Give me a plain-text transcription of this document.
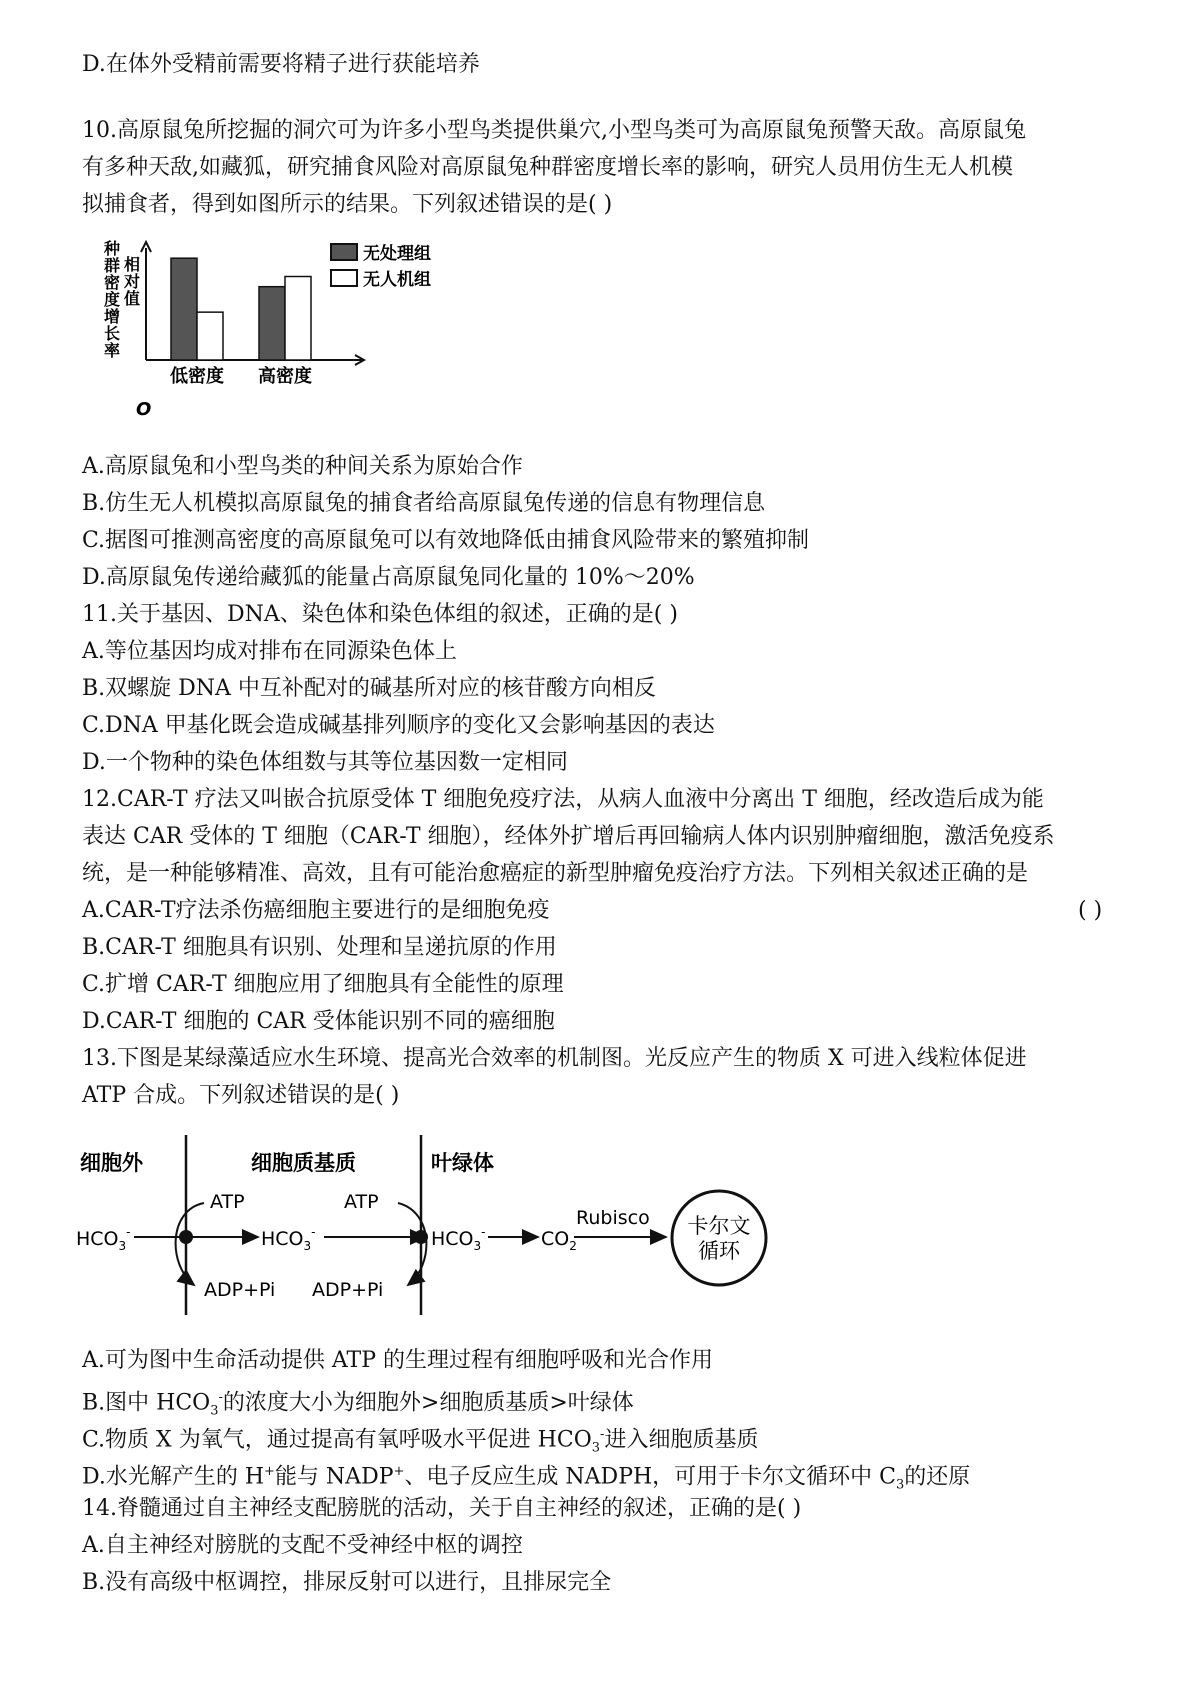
D.在体外受精前需要将精子进行获能培养
10.高原鼠兔所挖掘的洞穴可为许多小型鸟类提供巢穴,小型鸟类可为高原鼠兔预警天敌。高原鼠兔
有多种天敌,如藏狐，研究捕食风险对高原鼠兔种群密度增长率的影响，研究人员用仿生无人机模
拟捕食者，得到如图所示的结果。下列叙述错误的是( )
种
群
密
度
增
长
率
相
对
值
低密度 高密度
无处理组
无人机组
O
A.高原鼠兔和小型鸟类的种间关系为原始合作
B.仿生无人机模拟高原鼠兔的捕食者给高原鼠兔传递的信息有物理信息
C.据图可推测高密度的高原鼠兔可以有效地降低由捕食风险带来的繁殖抑制
D.高原鼠兔传递给藏狐的能量占高原鼠兔同化量的 10%～20%
11.关于基因、DNA、染色体和染色体组的叙述，正确的是( )
A.等位基因均成对排布在同源染色体上
B.双螺旋 DNA 中互补配对的碱基所对应的核苷酸方向相反
C.DNA 甲基化既会造成碱基排列顺序的变化又会影响基因的表达
D.一个物种的染色体组数与其等位基因数一定相同
12.CAR-T 疗法又叫嵌合抗原受体 T 细胞免疫疗法，从病人血液中分离出 T 细胞，经改造后成为能
表达 CAR 受体的 T 细胞（CAR-T 细胞），经体外扩增后再回输病人体内识别肿瘤细胞，激活免疫系
统，是一种能够精准、高效，且有可能治愈癌症的新型肿瘤免疫治疗方法。下列相关叙述正确的是
A.CAR-T疗法杀伤癌细胞主要进行的是细胞免疫	( )
B.CAR-T 细胞具有识别、处理和呈递抗原的作用
C.扩增 CAR-T 细胞应用了细胞具有全能性的原理
D.CAR-T 细胞的 CAR 受体能识别不同的癌细胞
13.下图是某绿藻适应水生环境、提高光合效率的机制图。光反应产生的物质 X 可进入线粒体促进
ATP 合成。下列叙述错误的是( )
细胞外	细胞质基质	叶绿体
$HCO_3^-$	$HCO_3^-$	$HCO_3^-$	$CO_2$
ATP	ATP
ADP+Pi ADP+Pi
Rubisco 卡尔文
循环
A.可为图中生命活动提供 ATP 的生理过程有细胞呼吸和光合作用
B.图中 $HCO_3^-$的浓度大小为细胞外>细胞质基质>叶绿体
C.物质 X 为氧气，通过提高有氧呼吸水平促进 $HCO_3^-$进入细胞质基质
D.水光解产生的 H+能与 NADP+、电子反应生成 NADPH，可用于卡尔文循环中 $C_3$的还原
14.脊髓通过自主神经支配膀胱的活动，关于自主神经的叙述，正确的是( )
A.自主神经对膀胱的支配不受神经中枢的调控
B.没有高级中枢调控，排尿反射可以进行，且排尿完全
